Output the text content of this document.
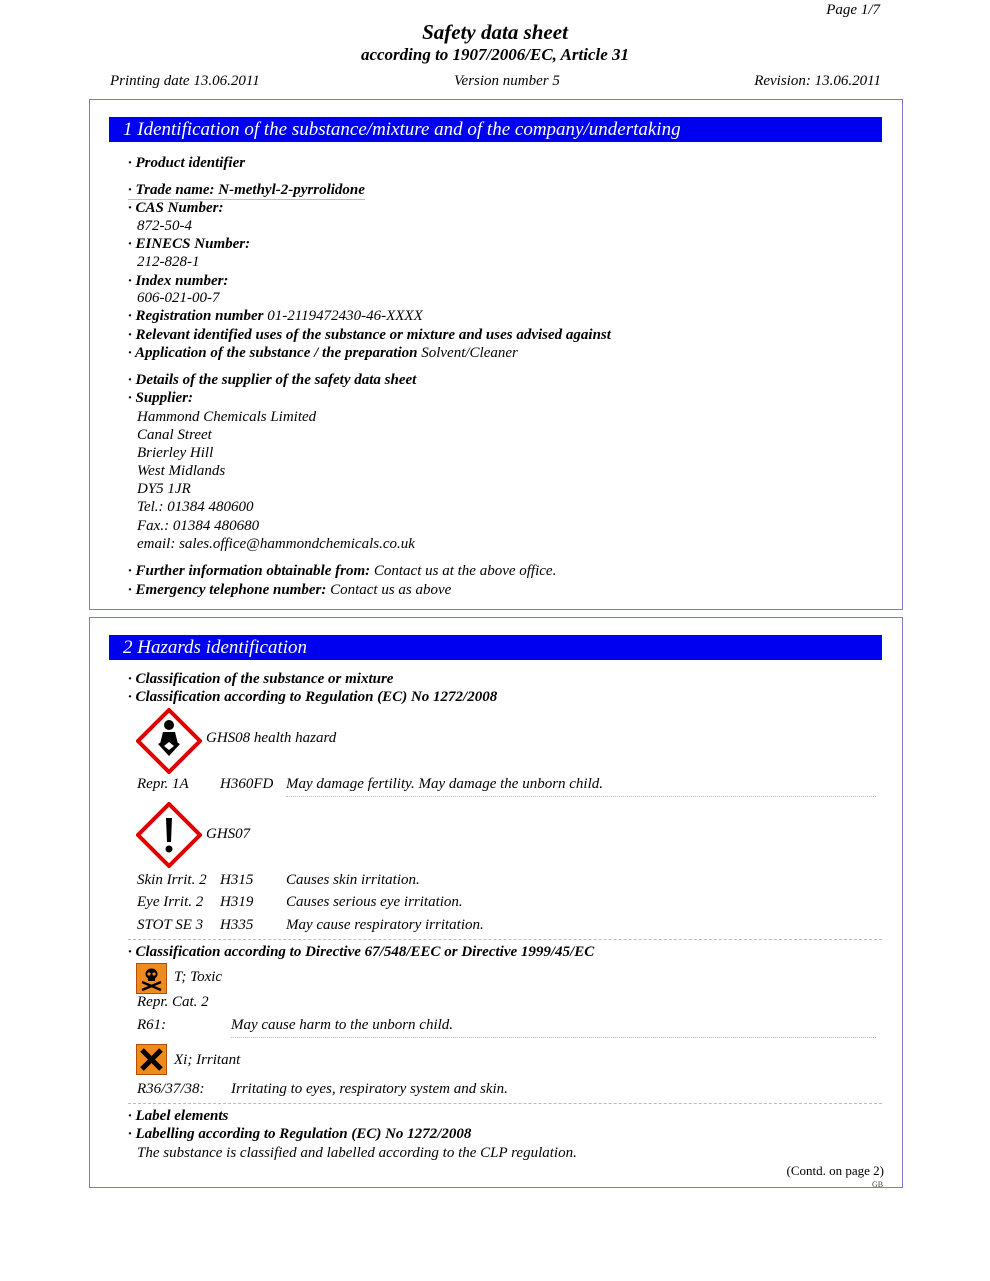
Page 1/7
Safety data sheet
according to 1907/2006/EC, Article 31
Printing date 13.06.2011	Version number 5	Revision: 13.06.2011
1 Identification of the substance/mixture and of the company/undertaking
· Product identifier
· Trade name: N-methyl-2-pyrrolidone
· CAS Number:
872-50-4
· EINECS Number:
212-828-1
· Index number:
606-021-00-7
· Registration number 01-2119472430-46-XXXX
· Relevant identified uses of the substance or mixture and uses advised against
· Application of the substance / the preparation Solvent/Cleaner
· Details of the supplier of the safety data sheet
· Supplier:
Hammond Chemicals Limited
Canal Street
Brierley Hill
West Midlands
DY5 1JR
Tel.: 01384 480600
Fax.: 01384 480680
email: sales.office@hammondchemicals.co.uk
· Further information obtainable from: Contact us at the above office.
· Emergency telephone number: Contact us as above
2 Hazards identification
· Classification of the substance or mixture
· Classification according to Regulation (EC) No 1272/2008
GHS08 health hazard
Repr. 1A H360FD May damage fertility. May damage the unborn child.
GHS07
Skin Irrit. 2 H315 Causes skin irritation.
Eye Irrit. 2 H319 Causes serious eye irritation.
STOT SE 3 H335 May cause respiratory irritation.
· Classification according to Directive 67/548/EEC or Directive 1999/45/EC
T; Toxic
Repr. Cat. 2
R61:	May cause harm to the unborn child.
Xi; Irritant
R36/37/38: Irritating to eyes, respiratory system and skin.
· Label elements
· Labelling according to Regulation (EC) No 1272/2008
The substance is classified and labelled according to the CLP regulation.
(Contd. on page 2)
GB
